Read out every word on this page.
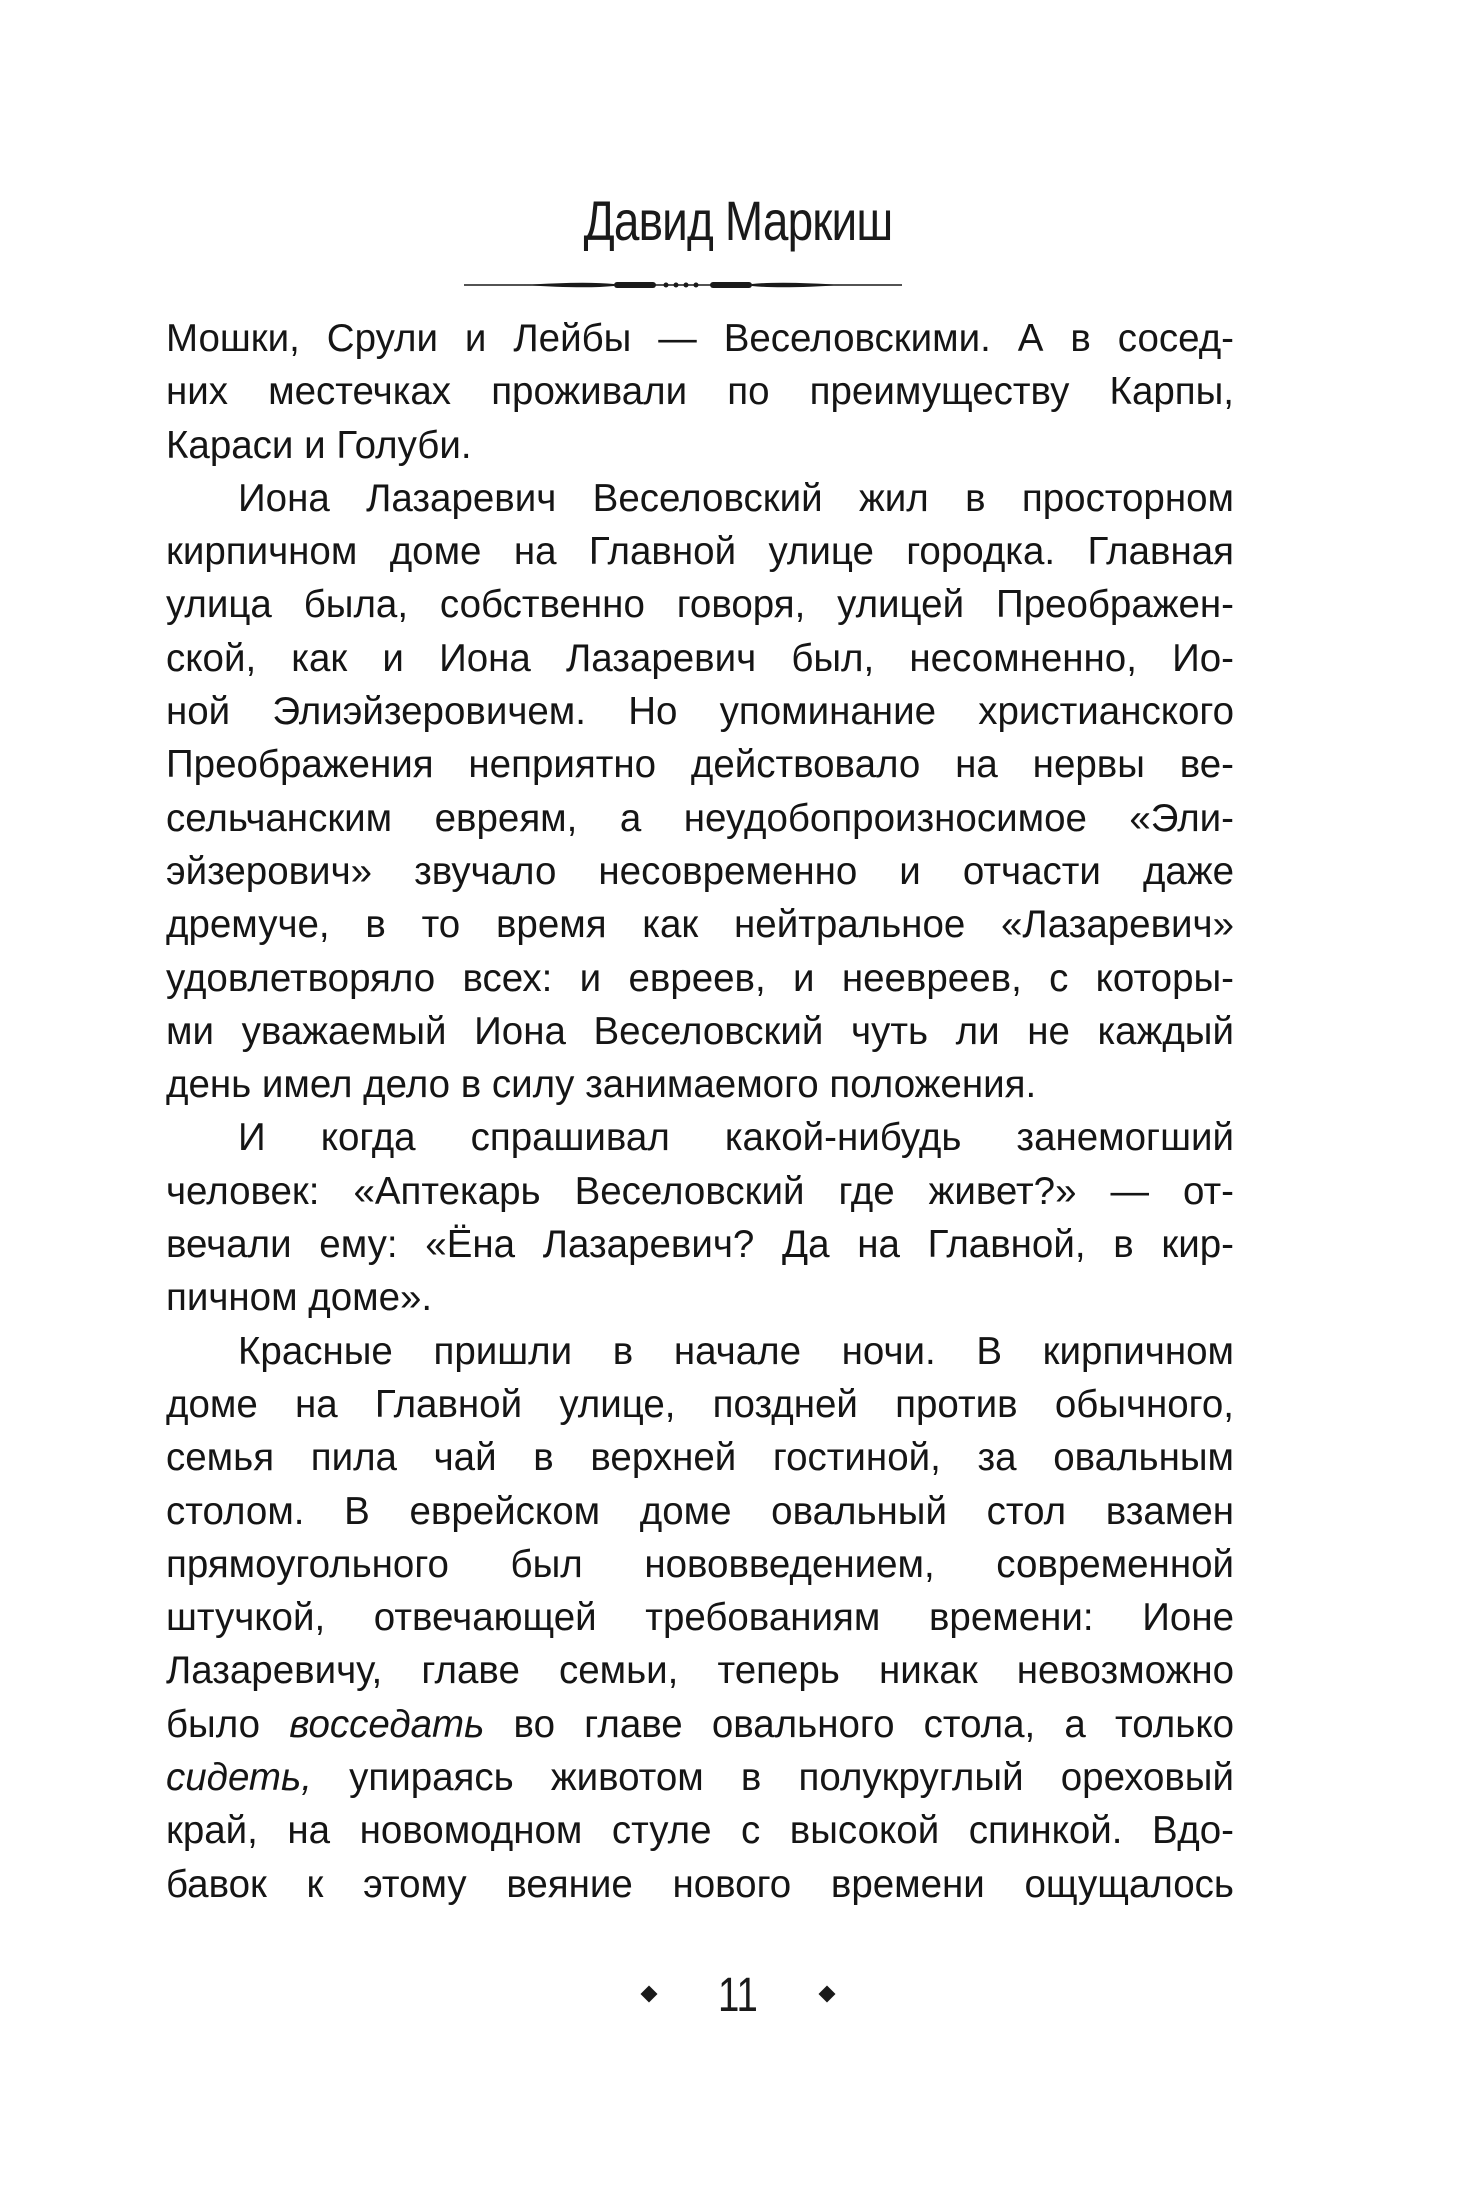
Давид Маркиш
Мошки, Срули и Лейбы — Веселовскими. А в сосед-
них местечках проживали по преимуществу Карпы,
Караси и Голуби.
Иона Лазаревич Веселовский жил в просторном
кирпичном доме на Главной улице городка. Главная
улица была, собственно говоря, улицей Преображен-
ской, как и Иона Лазаревич был, несомненно, Ио-
ной Элиэйзеровичем. Но упоминание христианского
Преображения неприятно действовало на нервы ве-
сельчанским евреям, а неудобопроизносимое «Эли-
эйзерович» звучало несовременно и отчасти даже
дремуче, в то время как нейтральное «Лазаревич»
удовлетворяло всех: и евреев, и неевреев, с которы-
ми уважаемый Иона Веселовский чуть ли не каждый
день имел дело в силу занимаемого положения.
И когда спрашивал какой-нибудь занемогший
человек: «Аптекарь Веселовский где живет?» — от-
вечали ему: «Ёна Лазаревич? Да на Главной, в кир-
пичном доме».
Красные пришли в начале ночи. В кирпичном
доме на Главной улице, поздней против обычного,
семья пила чай в верхней гостиной, за овальным
столом. В еврейском доме овальный стол взамен
прямоугольного был нововведением, современной
штучкой, отвечающей требованиям времени: Ионе
Лазаревичу, главе семьи, теперь никак невозможно
было восседать во главе овального стола, а только
сидеть, упираясь животом в полукруглый ореховый
край, на новомодном стуле с высокой спинкой. Вдо-
бавок к этому веяние нового времени ощущалось
11
